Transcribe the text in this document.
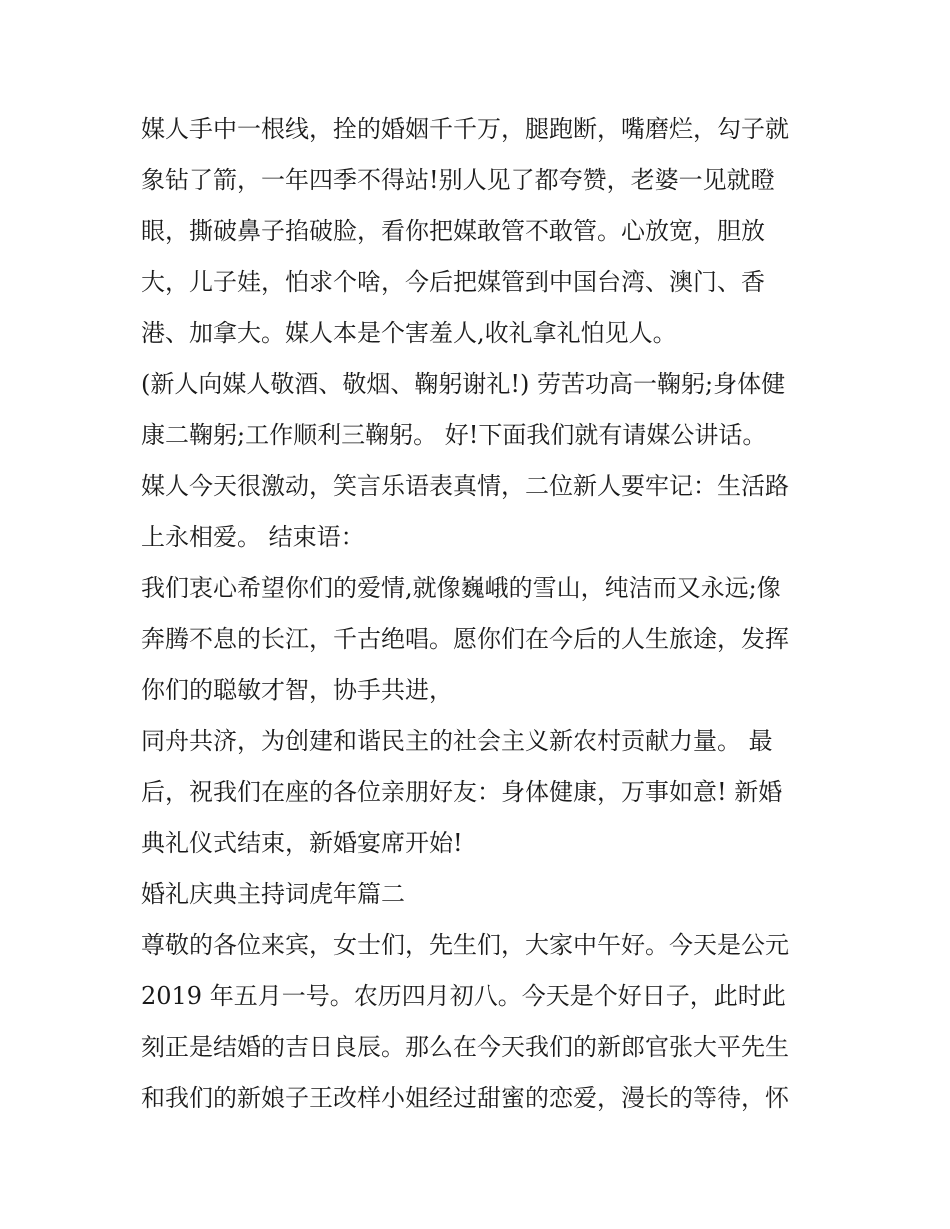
媒人手中一根线，拴的婚姻千千万，腿跑断，嘴磨烂，勾子就
象钻了箭，一年四季不得站!别人见了都夸赞，老婆一见就瞪
眼，撕破鼻子掐破脸，看你把媒敢管不敢管。心放宽，胆放
大，儿子娃，怕求个啥，今后把媒管到中国台湾、澳门、香
港、加拿大。媒人本是个害羞人,收礼拿礼怕见人。
(新人向媒人敬酒、敬烟、鞠躬谢礼!) 劳苦功高一鞠躬;身体健
康二鞠躬;工作顺利三鞠躬。 好!下面我们就有请媒公讲话。
媒人今天很激动，笑言乐语表真情，二位新人要牢记：生活路
上永相爱。 结束语：
我们衷心希望你们的爱情,就像巍峨的雪山，纯洁而又永远;像
奔腾不息的长江，千古绝唱。愿你们在今后的人生旅途，发挥
你们的聪敏才智，协手共进，
同舟共济，为创建和谐民主的社会主义新农村贡献力量。 最
后，祝我们在座的各位亲朋好友：身体健康，万事如意! 新婚
典礼仪式结束，新婚宴席开始!
婚礼庆典主持词虎年篇二
尊敬的各位来宾，女士们，先生们，大家中午好。今天是公元
2019 年五月一号。农历四月初八。今天是个好日子，此时此
刻正是结婚的吉日良辰。那么在今天我们的新郎官张大平先生
和我们的新娘子王改样小姐经过甜蜜的恋爱，漫长的等待，怀
